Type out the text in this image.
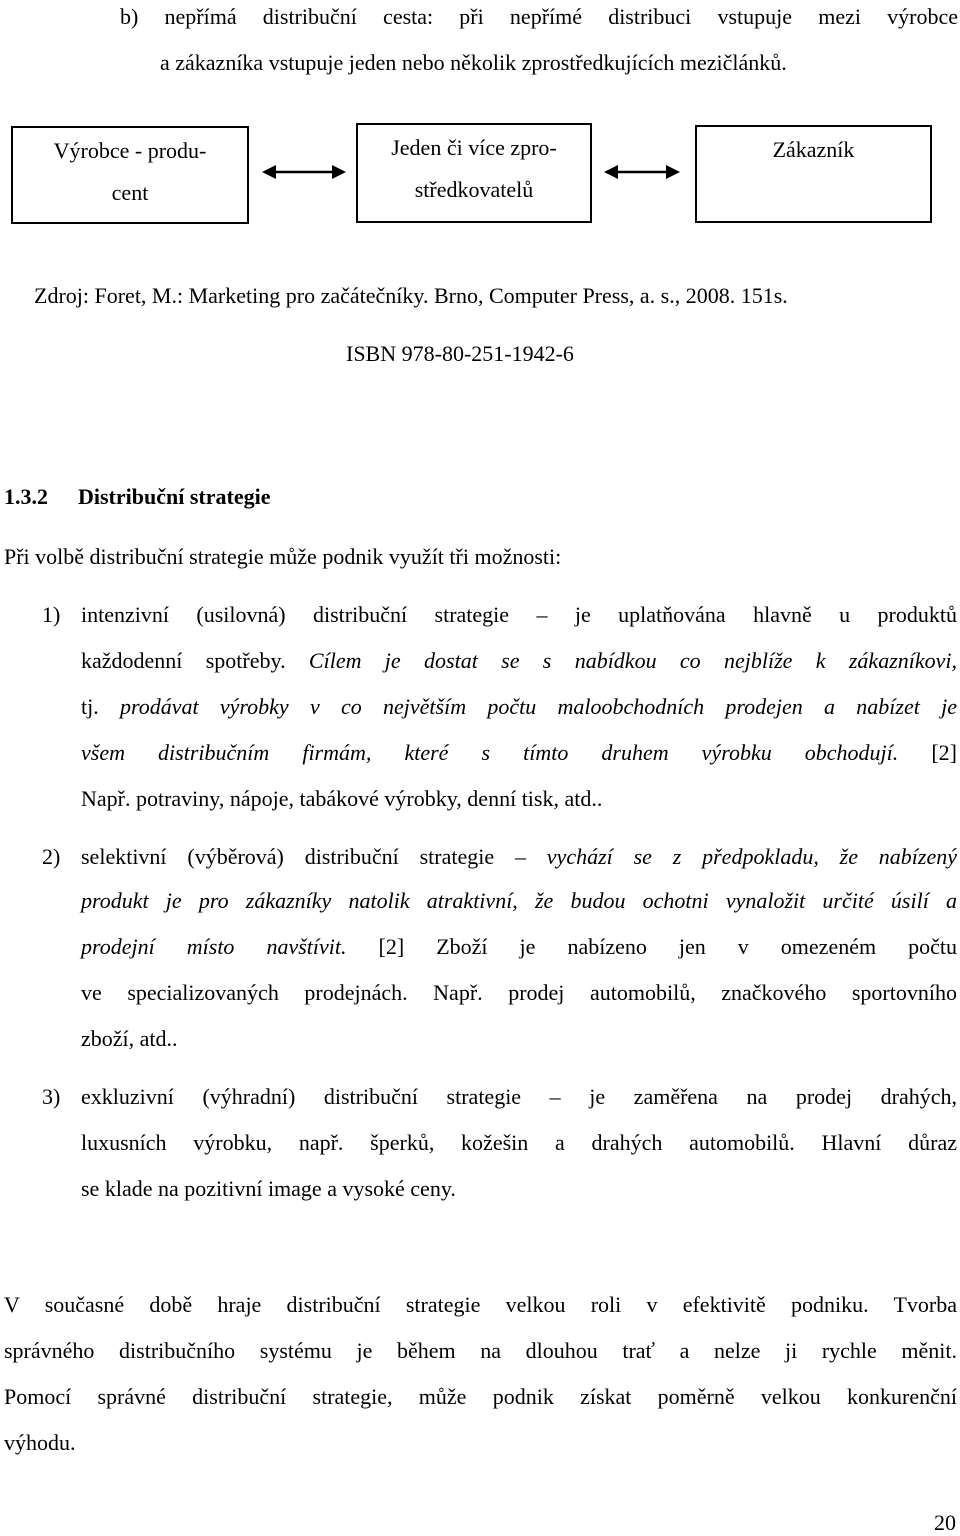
b) nepřímá distribuční cesta: při nepřímé distribuci vstupuje mezi výrobce
a zákazníka vstupuje jeden nebo několik zprostředkujících mezičlánků.
Výrobce - produ-
cent
Jeden či více zpro-
středkovatelů
Zákazník
Zdroj: Foret, M.: Marketing pro začátečníky. Brno, Computer Press, a. s., 2008. 151s.
ISBN 978-80-251-1942-6
1.3.2 Distribuční strategie
Při volbě distribuční strategie může podnik využít tři možnosti:
1) intenzivní (usilovná) distribuční strategie – je uplatňována hlavně u produktů
každodenní spotřeby. Cílem je dostat se s nabídkou co nejblíže k zákazníkovi,
tj. prodávat výrobky v co největším počtu maloobchodních prodejen a nabízet je
všem distribučním firmám, které s tímto druhem výrobku obchodují. [2]
Např. potraviny, nápoje, tabákové výrobky, denní tisk, atd..
2) selektivní (výběrová) distribuční strategie – vychází se z předpokladu, že nabízený
produkt je pro zákazníky natolik atraktivní, že budou ochotni vynaložit určité úsilí a
prodejní místo navštívit. [2] Zboží je nabízeno jen v omezeném počtu
ve specializovaných prodejnách. Např. prodej automobilů, značkového sportovního
zboží, atd..
3) exkluzivní (výhradní) distribuční strategie – je zaměřena na prodej drahých,
luxusních výrobku, např. šperků, kožešin a drahých automobilů. Hlavní důraz
se klade na pozitivní image a vysoké ceny.
V současné době hraje distribuční strategie velkou roli v efektivitě podniku. Tvorba
správného distribučního systému je během na dlouhou trať a nelze ji rychle měnit.
Pomocí správné distribuční strategie, může podnik získat poměrně velkou konkurenční
výhodu.
20
